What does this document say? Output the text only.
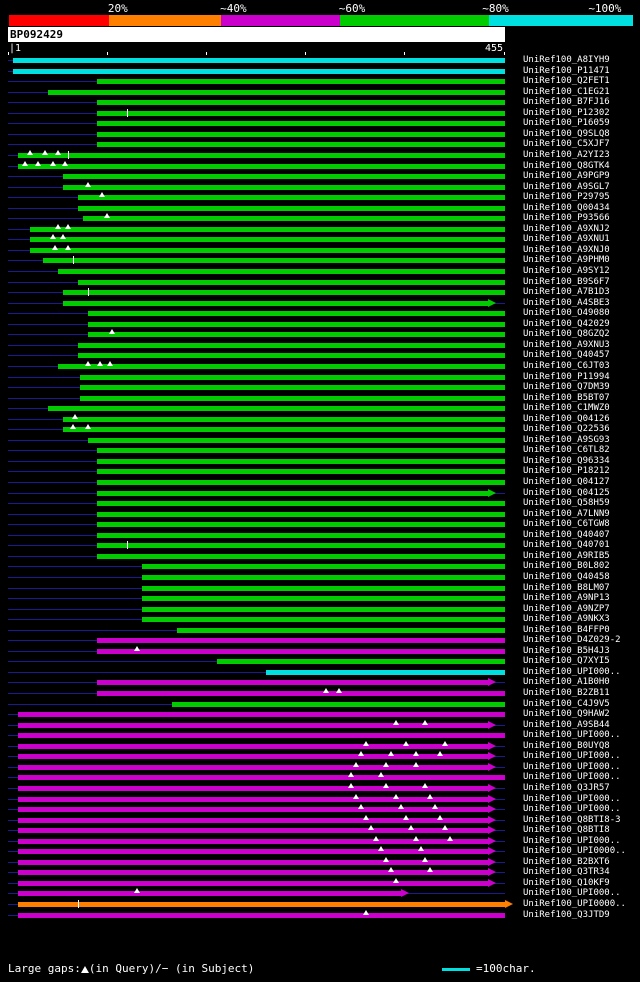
20%	~40%	~60%	~80%	~100%
BP092429
|1	455
UniRef100_A8IYH9
UniRef100_P11471
UniRef100_Q2FET1
UniRef100_C1EG21
UniRef100_B7FJ16
UniRef100_P12302
UniRef100_P16059
UniRef100_Q9SLQ8
UniRef100_C5XJF7
UniRef100_A2YI23
UniRef100_Q8GTK4
UniRef100_A9PGP9
UniRef100_A9SGL7
UniRef100_P29795
UniRef100_Q00434
UniRef100_P93566
UniRef100_A9XNJ2
UniRef100_A9XNU1
UniRef100_A9XNJ0
UniRef100_A9PHM0
UniRef100_A9SY12
UniRef100_B9S6F7
UniRef100_A7B1D3
UniRef100_A4SBE3
UniRef100_O49080
UniRef100_Q42029
UniRef100_Q8GZQ2
UniRef100_A9XNU3
UniRef100_Q40457
UniRef100_C6JT03
UniRef100_P11994
UniRef100_Q7DM39
UniRef100_B5BT07
UniRef100_C1MWZ0
UniRef100_Q04126
UniRef100_Q22536
UniRef100_A9SG93
UniRef100_C6TL82
UniRef100_Q96334
UniRef100_P18212
UniRef100_Q04127
UniRef100_Q04125
UniRef100_Q58H59
UniRef100_A7LNN9
UniRef100_C6TGW8
UniRef100_Q40407
UniRef100_Q40701
UniRef100_A9RIB5
UniRef100_B0L802
UniRef100_Q40458
UniRef100_B8LM07
UniRef100_A9NP13
UniRef100_A9NZP7
UniRef100_A9NKX3
UniRef100_B4FFP0
UniRef100_D4Z029-2
UniRef100_B5H4J3
UniRef100_Q7XYI5
UniRef100_UPI000..
UniRef100_A1B0H0
UniRef100_B2ZB11
UniRef100_C4J9V5
UniRef100_Q9HAW2
UniRef100_A9SB44
UniRef100_UPI000..
UniRef100_B0UYQ8
UniRef100_UPI000..
UniRef100_UPI000..
UniRef100_UPI000..
UniRef100_Q3JR57
UniRef100_UPI000..
UniRef100_UPI000..
UniRef100_Q8BTI8-3
UniRef100_Q8BTI8
UniRef100_UPI000..
UniRef100_UPI0000..
UniRef100_B2BXT6
UniRef100_Q3TR34
UniRef100_Q10KF9
UniRef100_UPI000..
UniRef100_UPI0000..
UniRef100_Q3JTD9
Large gaps: (in Query)/− (in Subject)	=100char.
